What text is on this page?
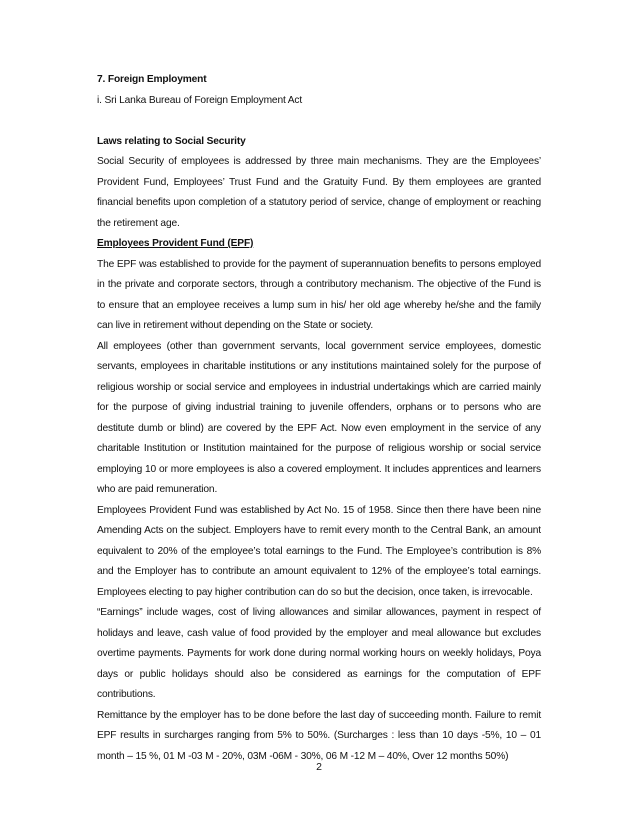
7. Foreign Employment

i. Sri Lanka Bureau of Foreign Employment Act

Laws relating to Social Security

Social Security of employees is addressed by three main mechanisms. They are the Employees’ Provident Fund, Employees’ Trust Fund and the Gratuity Fund. By them employees are granted financial benefits upon completion of a statutory period of service, change of employment or reaching the retirement age.

Employees Provident Fund (EPF)

The EPF was established to provide for the payment of superannuation benefits to persons employed in the private and corporate sectors, through a contributory mechanism. The objective of the Fund is to ensure that an employee receives a lump sum in his/ her old age whereby he/she and the family can live in retirement without depending on the State or society.

All employees (other than government servants, local government service employees, domestic servants, employees in charitable institutions or any institutions maintained solely for the purpose of religious worship or social service and employees in industrial undertakings which are carried mainly for the purpose of giving industrial training to juvenile offenders, orphans or to persons who are destitute dumb or blind) are covered by the EPF Act. Now even employment in the service of any charitable Institution or Institution maintained for the purpose of religious worship or social service employing 10 or more employees is also a covered employment. It includes apprentices and learners who are paid remuneration.

Employees Provident Fund was established by Act No. 15 of 1958. Since then there have been nine Amending Acts on the subject. Employers have to remit every month to the Central Bank, an amount equivalent to 20% of the employee’s total earnings to the Fund. The Employee’s contribution is 8% and the Employer has to contribute an amount equivalent to 12% of the employee’s total earnings. Employees electing to pay higher contribution can do so but the decision, once taken, is irrevocable.

“Earnings” include wages, cost of living allowances and similar allowances, payment in respect of holidays and leave, cash value of food provided by the employer and meal allowance but excludes overtime payments. Payments for work done during normal working hours on weekly holidays, Poya days or public holidays should also be considered as earnings for the computation of EPF contributions.

Remittance by the employer has to be done before the last day of succeeding month. Failure to remit EPF results in surcharges ranging from 5% to 50%. (Surcharges : less than 10 days -5%, 10 – 01 month – 15 %, 01 M -03 M - 20%, 03M -06M - 30%, 06 M -12 M – 40%, Over 12 months 50%)

2
